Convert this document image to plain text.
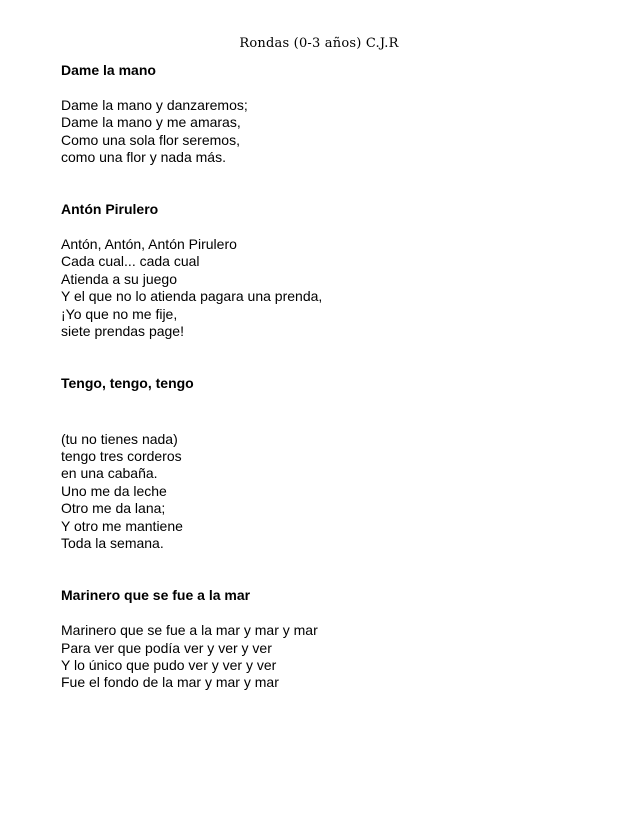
Rondas (0-3 años) C.J.R

Dame la mano

Dame la mano y danzaremos;
Dame la mano y me amaras,
Como una sola flor seremos,
como una flor y nada más.

Antón Pirulero

Antón, Antón, Antón Pirulero
Cada cual... cada cual
Atienda a su juego
Y el que no lo atienda pagara una prenda,
¡Yo que no me fije,
siete prendas page!

Tengo, tengo, tengo

(tu no tienes nada)
tengo tres corderos
en una cabaña.
Uno me da leche
Otro me da lana;
Y otro me mantiene
Toda la semana.

Marinero que se fue a la mar

Marinero que se fue a la mar y mar y mar
Para ver que podía ver y ver y ver
Y lo único que pudo ver y ver y ver
Fue el fondo de la mar y mar y mar
